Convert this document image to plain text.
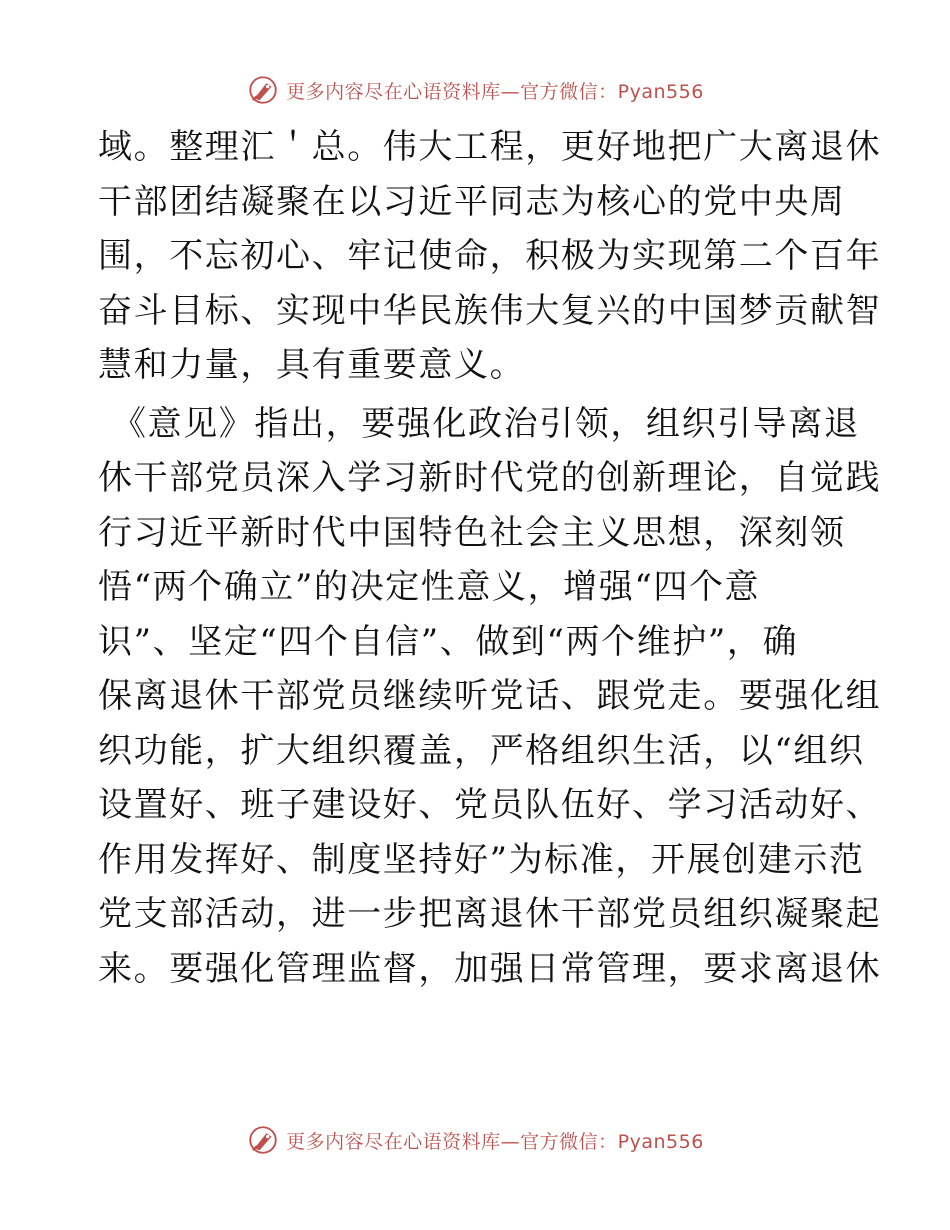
更多内容尽在心语资料库—官方微信：Pyan556

域。整理汇＇总。伟大工程，更好地把广大离退休
干部团结凝聚在以习近平同志为核心的党中央周
围，不忘初心、牢记使命，积极为实现第二个百年
奋斗目标、实现中华民族伟大复兴的中国梦贡献智
慧和力量，具有重要意义。

《意见》指出，要强化政治引领，组织引导离退
休干部党员深入学习新时代党的创新理论，自觉践
行习近平新时代中国特色社会主义思想，深刻领
悟“两个确立”的决定性意义，增强“四个意
识”、坚定“四个自信”、做到“两个维护”，确
保离退休干部党员继续听党话、跟党走。要强化组
织功能，扩大组织覆盖，严格组织生活，以“组织
设置好、班子建设好、党员队伍好、学习活动好、
作用发挥好、制度坚持好”为标准，开展创建示范
党支部活动，进一步把离退休干部党员组织凝聚起
来。要强化管理监督，加强日常管理，要求离退休

更多内容尽在心语资料库—官方微信：Pyan556
